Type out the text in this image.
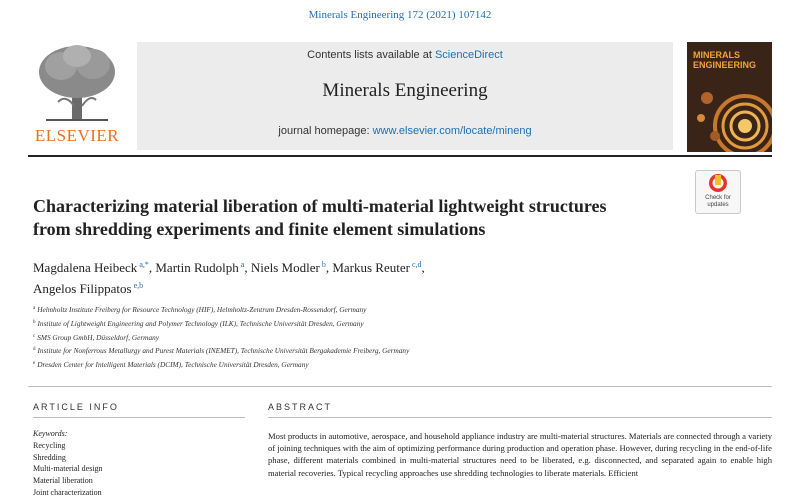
Minerals Engineering 172 (2021) 107142
ELSEVIER
Contents lists available at ScienceDirect
Minerals Engineering
journal homepage: www.elsevier.com/locate/mineng
MINERALS
ENGINEERING
Check for
updates
Characterizing material liberation of multi-material lightweight structures
from shredding experiments and finite element simulations
Magdalena Heibeck $^{a,*}$, Martin Rudolph $^a$, Niels Modler $^b$, Markus Reuter $^{c,d}$,
Angelos Filippatos $^{e,b}$
$^a$ Helmholtz Institute Freiberg for Resource Technology (HIF), Helmholtz-Zentrum Dresden-Rossendorf, Germany
$^b$ Institute of Lightweight Engineering and Polymer Technology (ILK), Technische Universität Dresden, Germany
$^c$ SMS Group GmbH, Düsseldorf, Germany
$^d$ Institute for Nonferrous Metallurgy and Purest Materials (INEMET), Technische Universität Bergakademie Freiberg, Germany
$^e$ Dresden Center for Intelligent Materials (DCIM), Technische Universität Dresden, Germany
ARTICLE INFO
Keywords:
Recycling
Shredding
Multi-material design
Material liberation
Joint characterization
ABSTRACT
Most products in automotive, aerospace, and household appliance industry are multi-material structures. Materials are connected through a variety of joining techniques with the aim of optimizing performance during production and operation phase. However, during recycling in the end-of-life phase, different materials combined in multi-material structures need to be liberated, e.g. disconnected, and separated again to enable high material recoveries. Typical recycling approaches use shredding technologies to liberate materials. Efficient
